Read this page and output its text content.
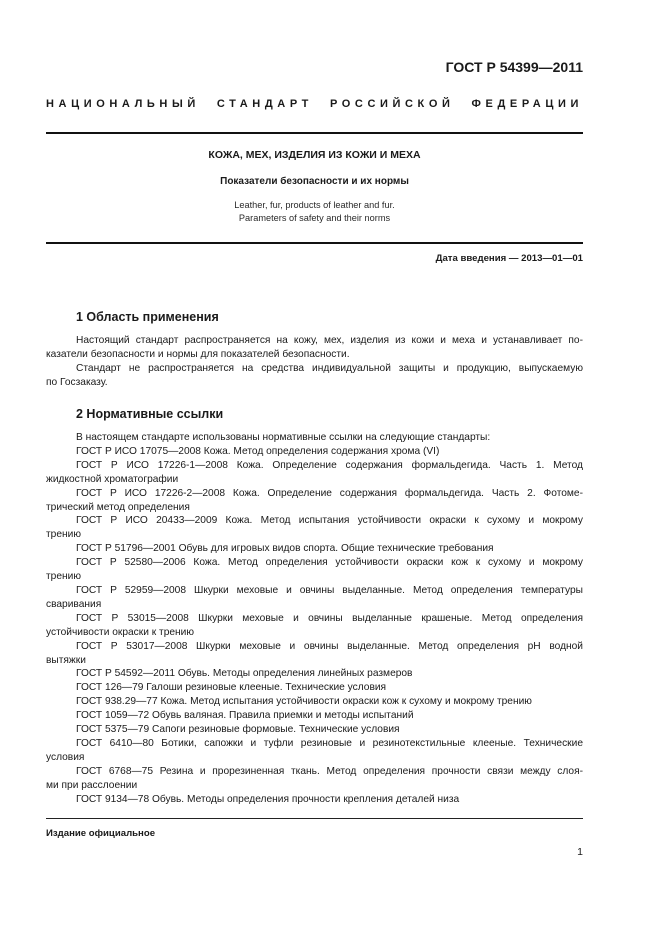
ГОСТ Р 54399—2011
НАЦИОНАЛЬНЫЙ СТАНДАРТ РОССИЙСКОЙ ФЕДЕРАЦИИ
КОЖА, МЕХ, ИЗДЕЛИЯ ИЗ КОЖИ И МЕХА
Показатели безопасности и их нормы
Leather, fur, products of leather and fur.
Parameters of safety and their norms
Дата введения — 2013—01—01
1 Область применения
Настоящий стандарт распространяется на кожу, мех, изделия из кожи и меха и устанавливает по-
казатели безопасности и нормы для показателей безопасности.
Стандарт не распространяется на средства индивидуальной защиты и продукцию, выпускаемую
по Госзаказу.
2 Нормативные ссылки
В настоящем стандарте использованы нормативные ссылки на следующие стандарты:
ГОСТ Р ИСО 17075—2008 Кожа. Метод определения содержания хрома (VI)
ГОСТ Р ИСО 17226-1—2008 Кожа. Определение содержания формальдегида. Часть 1. Метод
жидкостной хроматографии
ГОСТ Р ИСО 17226-2—2008 Кожа. Определение содержания формальдегида. Часть 2. Фотоме-
трический метод определения
ГОСТ Р ИСО 20433—2009 Кожа. Метод испытания устойчивости окраски к сухому и мокрому
трению
ГОСТ Р 51796—2001 Обувь для игровых видов спорта. Общие технические требования
ГОСТ Р 52580—2006 Кожа. Метод определения устойчивости окраски кож к сухому и мокрому
трению
ГОСТ Р 52959—2008 Шкурки меховые и овчины выделанные. Метод определения температуры
сваривания
ГОСТ Р 53015—2008 Шкурки меховые и овчины выделанные крашеные. Метод определения
устойчивости окраски к трению
ГОСТ Р 53017—2008 Шкурки меховые и овчины выделанные. Метод определения pH водной
вытяжки
ГОСТ Р 54592—2011 Обувь. Методы определения линейных размеров
ГОСТ 126—79 Галоши резиновые клееные. Технические условия
ГОСТ 938.29—77 Кожа. Метод испытания устойчивости окраски кож к сухому и мокрому трению
ГОСТ 1059—72 Обувь валяная. Правила приемки и методы испытаний
ГОСТ 5375—79 Сапоги резиновые формовые. Технические условия
ГОСТ 6410—80 Ботики, сапожки и туфли резиновые и резинотекстильные клееные. Технические
условия
ГОСТ 6768—75 Резина и прорезиненная ткань. Метод определения прочности связи между слоя-
ми при расслоении
ГОСТ 9134—78 Обувь. Методы определения прочности крепления деталей низа
Издание официальное
1
